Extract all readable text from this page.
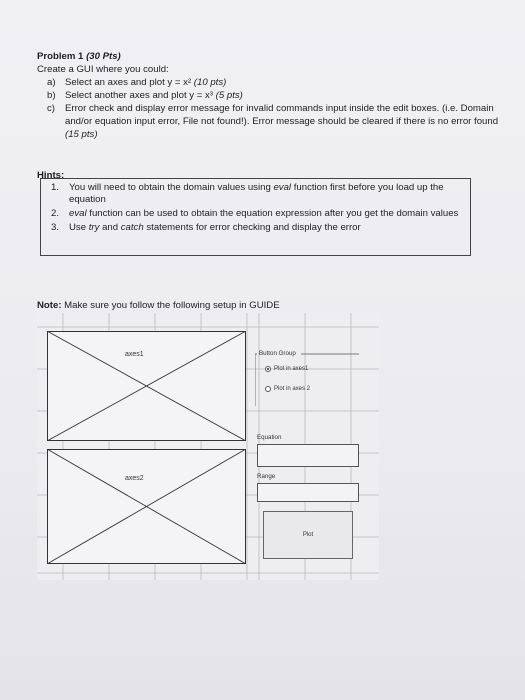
Problem 1 (30 Pts)
Create a GUI where you could:
a) Select an axes and plot y = x² (10 pts)
b) Select another axes and plot y = x³ (5 pts)
c) Error check and display error message for invalid commands input inside the edit boxes. (i.e. Domain and/or equation input error, File not found!). Error message should be cleared if there is no error found (15 pts)
Hints:
1. You will need to obtain the domain values using eval function first before you load up the equation
2. eval function can be used to obtain the equation expression after you get the domain values
3. Use try and catch statements for error checking and display the error
Note: Make sure you follow the following setup in GUIDE
axes1
axes2
Button Group
Plot in axes1
Plot in axes 2
Equation
Range
Plot
